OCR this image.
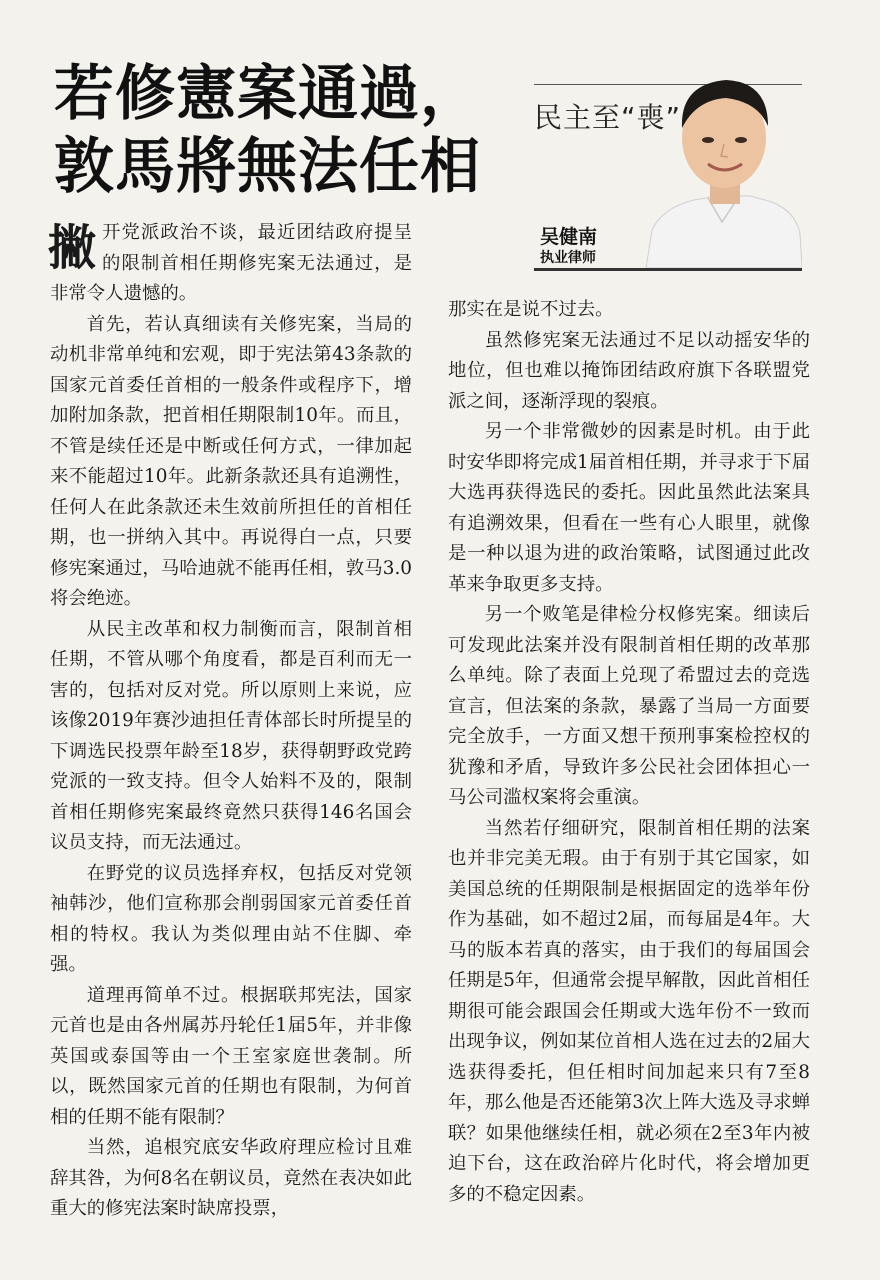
若修憲案通過，
敦馬將無法任相
民主至“喪”
吴健南
执业律师

撇开党派政治不谈，最近团结政府提呈的限制首相任期修宪案无法通过，是非常令人遗憾的。

首先，若认真细读有关修宪案，当局的动机非常单纯和宏观，即于宪法第43条款的国家元首委任首相的一般条件或程序下，增加附加条款，把首相任期限制10年。而且，不管是续任还是中断或任何方式，一律加起来不能超过10年。此新条款还具有追溯性，任何人在此条款还未生效前所担任的首相任期，也一拼纳入其中。再说得白一点，只要修宪案通过，马哈迪就不能再任相，敦马3.0将会绝迹。

从民主改革和权力制衡而言，限制首相任期，不管从哪个角度看，都是百利而无一害的，包括对反对党。所以原则上来说，应该像2019年赛沙迪担任青体部长时所提呈的下调选民投票年龄至18岁，获得朝野政党跨党派的一致支持。但令人始料不及的，限制首相任期修宪案最终竟然只获得146名国会议员支持，而无法通过。

在野党的议员选择弃权，包括反对党领袖韩沙，他们宣称那会削弱国家元首委任首相的特权。我认为类似理由站不住脚、牵强。

道理再简单不过。根据联邦宪法，国家元首也是由各州属苏丹轮任1届5年，并非像英国或泰国等由一个王室家庭世袭制。所以，既然国家元首的任期也有限制，为何首相的任期不能有限制？

当然，追根究底安华政府理应检讨且难辞其咎，为何8名在朝议员，竟然在表决如此重大的修宪法案时缺席投票，

那实在是说不过去。

虽然修宪案无法通过不足以动摇安华的地位，但也难以掩饰团结政府旗下各联盟党派之间，逐渐浮现的裂痕。

另一个非常微妙的因素是时机。由于此时安华即将完成1届首相任期，并寻求于下届大选再获得选民的委托。因此虽然此法案具有追溯效果，但看在一些有心人眼里，就像是一种以退为进的政治策略，试图通过此改革来争取更多支持。

另一个败笔是律检分权修宪案。细读后可发现此法案并没有限制首相任期的改革那么单纯。除了表面上兑现了希盟过去的竞选宣言，但法案的条款，暴露了当局一方面要完全放手，一方面又想干预刑事案检控权的犹豫和矛盾，导致许多公民社会团体担心一马公司滥权案将会重演。

当然若仔细研究，限制首相任期的法案也并非完美无瑕。由于有别于其它国家，如美国总统的任期限制是根据固定的选举年份作为基础，如不超过2届，而每届是4年。大马的版本若真的落实，由于我们的每届国会任期是5年，但通常会提早解散，因此首相任期很可能会跟国会任期或大选年份不一致而出现争议，例如某位首相人选在过去的2届大选获得委托，但任相时间加起来只有7至8年，那么他是否还能第3次上阵大选及寻求蝉联？如果他继续任相，就必须在2至3年内被迫下台，这在政治碎片化时代，将会增加更多的不稳定因素。
